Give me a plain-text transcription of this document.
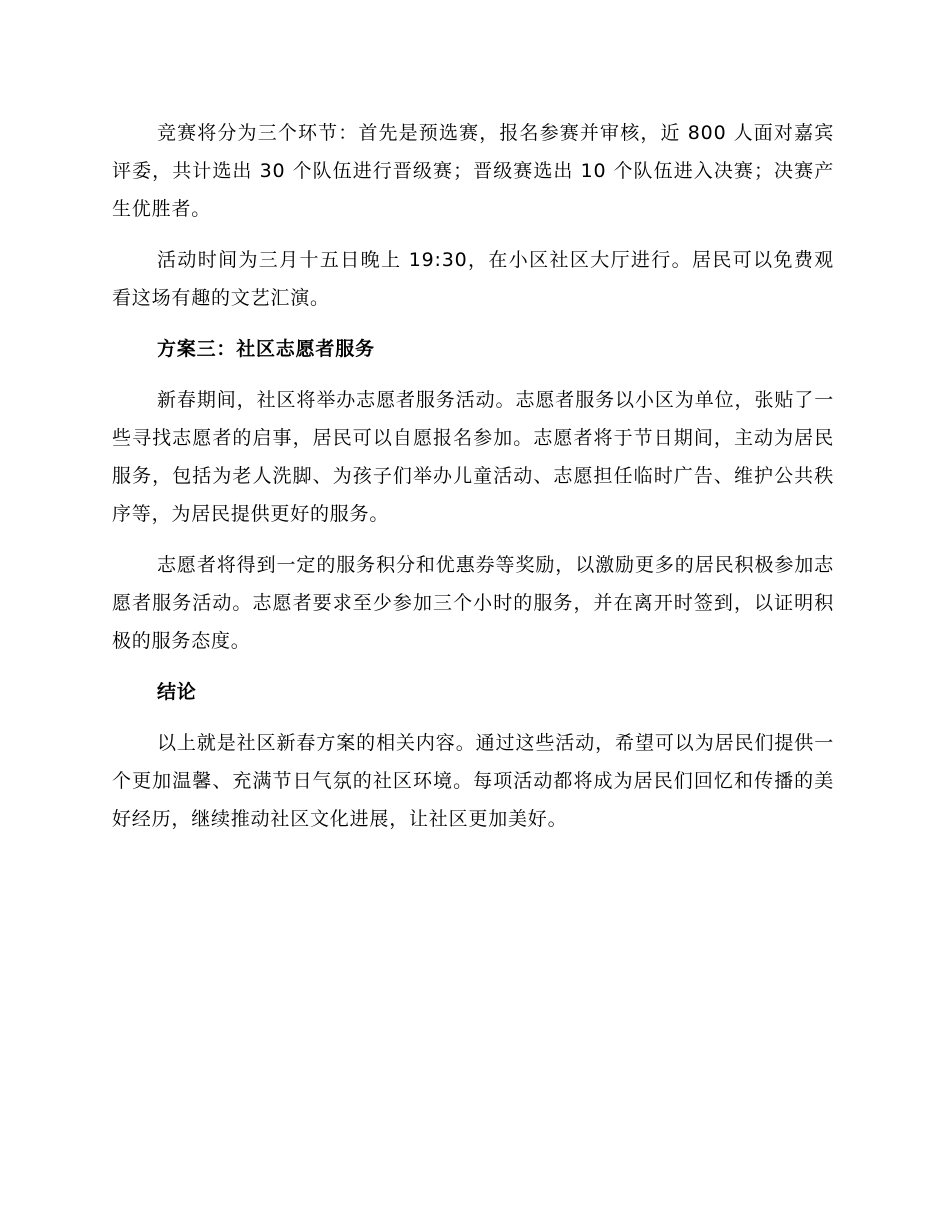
竞赛将分为三个环节：首先是预选赛，报名参赛并审核，近 800 人面对嘉宾评委，共计选出 30 个队伍进行晋级赛；晋级赛选出 10 个队伍进入决赛；决赛产生优胜者。

活动时间为三月十五日晚上 19:30，在小区社区大厅进行。居民可以免费观看这场有趣的文艺汇演。

方案三：社区志愿者服务

新春期间，社区将举办志愿者服务活动。志愿者服务以小区为单位，张贴了一些寻找志愿者的启事，居民可以自愿报名参加。志愿者将于节日期间，主动为居民服务，包括为老人洗脚、为孩子们举办儿童活动、志愿担任临时广告、维护公共秩序等，为居民提供更好的服务。

志愿者将得到一定的服务积分和优惠券等奖励，以激励更多的居民积极参加志愿者服务活动。志愿者要求至少参加三个小时的服务，并在离开时签到，以证明积极的服务态度。

结论

以上就是社区新春方案的相关内容。通过这些活动，希望可以为居民们提供一个更加温馨、充满节日气氛的社区环境。每项活动都将成为居民们回忆和传播的美好经历，继续推动社区文化进展，让社区更加美好。
